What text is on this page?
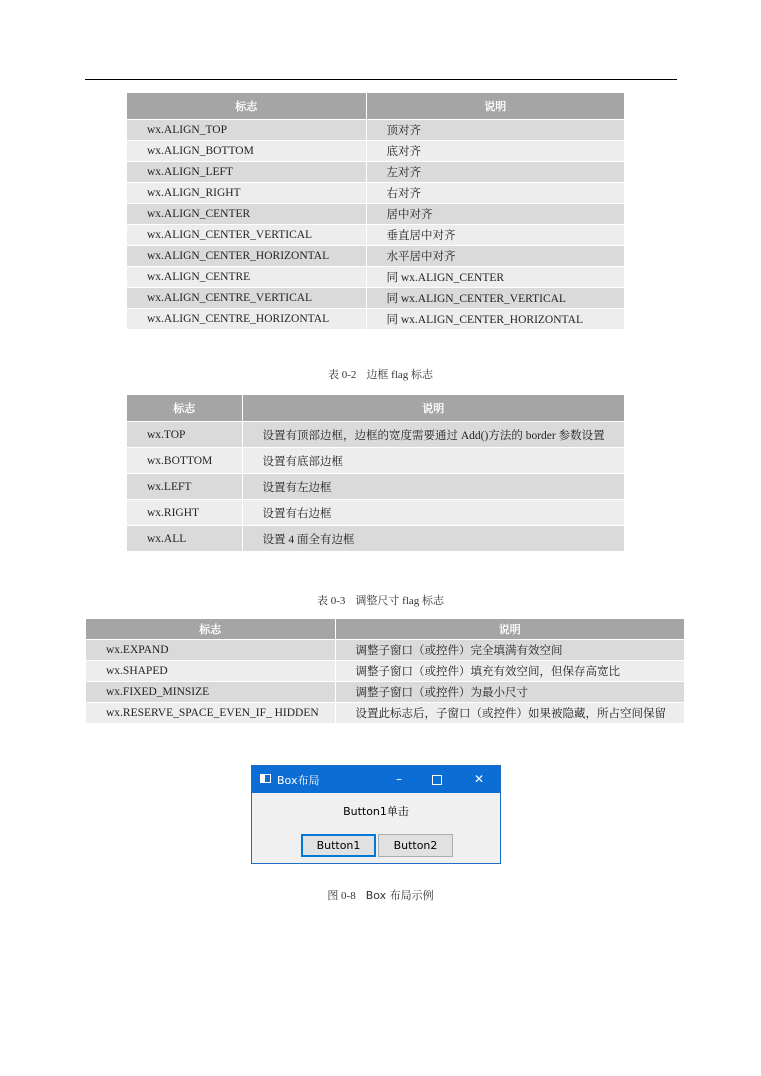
标志	说明
wx.ALIGN_TOP	顶对齐
wx.ALIGN_BOTTOM	底对齐
wx.ALIGN_LEFT	左对齐
wx.ALIGN_RIGHT	右对齐
wx.ALIGN_CENTER	居中对齐
wx.ALIGN_CENTER_VERTICAL	垂直居中对齐
wx.ALIGN_CENTER_HORIZONTAL	水平居中对齐
wx.ALIGN_CENTRE	同 wx.ALIGN_CENTER
wx.ALIGN_CENTRE_VERTICAL	同 wx.ALIGN_CENTER_VERTICAL
wx.ALIGN_CENTRE_HORIZONTAL	同 wx.ALIGN_CENTER_HORIZONTAL
表 0-2 边框 flag 标志
标志	说明
wx.TOP	设置有顶部边框，边框的宽度需要通过 Add()方法的 border 参数设置
wx.BOTTOM	设置有底部边框
wx.LEFT	设置有左边框
wx.RIGHT	设置有右边框
wx.ALL	设置 4 面全有边框
表 0-3 调整尺寸 flag 标志
标志	说明
wx.EXPAND	调整子窗口（或控件）完全填满有效空间
wx.SHAPED	调整子窗口（或控件）填充有效空间，但保存高宽比
wx.FIXED_MINSIZE	调整子窗口（或控件）为最小尺寸
wx.RESERVE_SPACE_EVEN_IF_ HIDDEN	设置此标志后，子窗口（或控件）如果被隐藏，所占空间保留
Box布局	–	✕
Button1单击
Button1	Button2
图 0-8 Box 布局示例
